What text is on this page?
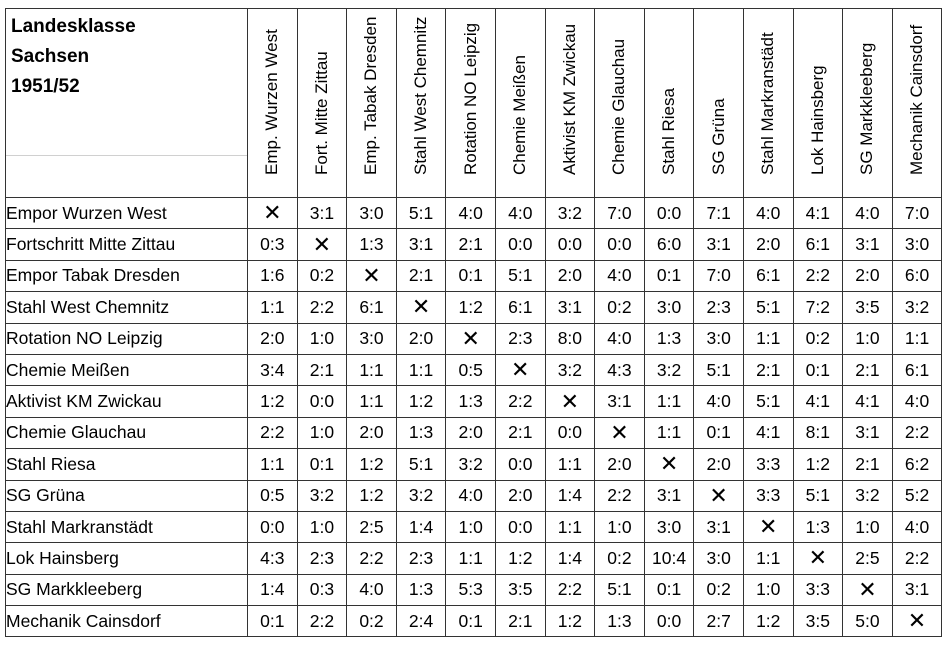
Landesklasse
Sachsen
1951/52	Emp. Wurzen West	Fort. Mitte Zittau	Emp. Tabak Dresden	Stahl West Chemnitz	Rotation NO Leipzig	Chemie Meißen	Aktivist KM Zwickau	Chemie Glauchau	Stahl Riesa	SG Grüna	Stahl Markranstädt	Lok Hainsberg	SG Markkleeberg	Mechanik Cainsdorf

Empor Wurzen West	✕	3:1	3:0	5:1	4:0	4:0	3:2	7:0	0:0	7:1	4:0	4:1	4:0	7:0
Fortschritt Mitte Zittau	0:3	✕	1:3	3:1	2:1	0:0	0:0	0:0	6:0	3:1	2:0	6:1	3:1	3:0
Empor Tabak Dresden	1:6	0:2	✕	2:1	0:1	5:1	2:0	4:0	0:1	7:0	6:1	2:2	2:0	6:0
Stahl West Chemnitz	1:1	2:2	6:1	✕	1:2	6:1	3:1	0:2	3:0	2:3	5:1	7:2	3:5	3:2
Rotation NO Leipzig	2:0	1:0	3:0	2:0	✕	2:3	8:0	4:0	1:3	3:0	1:1	0:2	1:0	1:1
Chemie Meißen	3:4	2:1	1:1	1:1	0:5	✕	3:2	4:3	3:2	5:1	2:1	0:1	2:1	6:1
Aktivist KM Zwickau	1:2	0:0	1:1	1:2	1:3	2:2	✕	3:1	1:1	4:0	5:1	4:1	4:1	4:0
Chemie Glauchau	2:2	1:0	2:0	1:3	2:0	2:1	0:0	✕	1:1	0:1	4:1	8:1	3:1	2:2
Stahl Riesa	1:1	0:1	1:2	5:1	3:2	0:0	1:1	2:0	✕	2:0	3:3	1:2	2:1	6:2
SG Grüna	0:5	3:2	1:2	3:2	4:0	2:0	1:4	2:2	3:1	✕	3:3	5:1	3:2	5:2
Stahl Markranstädt	0:0	1:0	2:5	1:4	1:0	0:0	1:1	1:0	3:0	3:1	✕	1:3	1:0	4:0
Lok Hainsberg	4:3	2:3	2:2	2:3	1:1	1:2	1:4	0:2	10:4	3:0	1:1	✕	2:5	2:2
SG Markkleeberg	1:4	0:3	4:0	1:3	5:3	3:5	2:2	5:1	0:1	0:2	1:0	3:3	✕	3:1
Mechanik Cainsdorf	0:1	2:2	0:2	2:4	0:1	2:1	1:2	1:3	0:0	2:7	1:2	3:5	5:0	✕
